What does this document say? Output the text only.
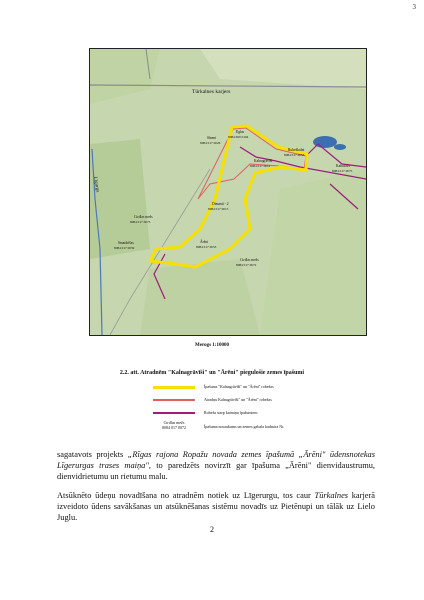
3
Türkalnes karjers
Līgurga
Eglas
8084 009 0104
Sīneni
8084 017 0026
Rubežkalni
8084 017 0053
Kalnagrāvīši
8084 017 0012	Kalnaciži
8084 017 0075
Dimanti - 2
8084 017 0015
Cirdlas mežs
8084 017 0073
Smaidrīšas
8084 017 0059
Ārēni
8084 017 0053
Cirdlas mežs
8084 017 0072
Merogs 1:10000
2.2. att. Atradnēm "Kalnagrāvīši" un "Ārēni" piegulošie zemes īpašumi
Īpašums "Kalnagrāvīši" un "Ārēni" robežas
Atradņu Kalnagrāvīši" un "Ārēni" robežas
Robeža starp kaimiņu īpašumiem
Cirdlas mežs
8084 017 0072	Īpašuma nosaukums un zemes gabala kadastra Nr.
sagatavots projekts „Rīgas rajona Ropažu novada zemes īpašumā „Ārēni" ūdensnotekas Līgerurgas trases maiņa", to paredzēts novirzīt gar īpašuma „Ārēni" dienvidaustrumu, dienvidrietumu un rietumu malu.
Atsūknēto ūdeņu novadīšana no atradnēm notiek uz Līgerurgu, tos caur Tūrkalnes karjerā izveidoto ūdens savākšanas un atsūknēšanas sistēmu novadīs uz Pietēnupi un tālāk uz Lielo Juglu.
2
